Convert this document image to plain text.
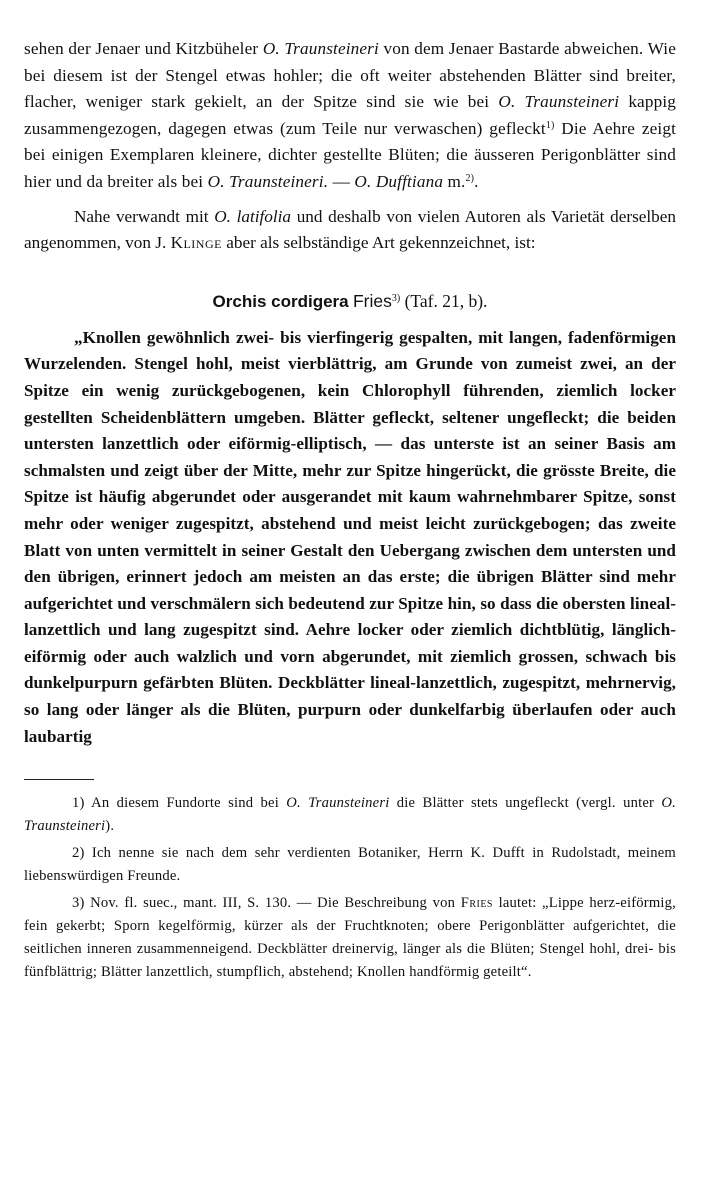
sehen der Jenaer und Kitzbüheler O. Traunsteineri von dem Jenaer Bastarde abweichen. Wie bei diesem ist der Stengel etwas hohler; die oft weiter abstehenden Blätter sind breiter, flacher, weniger stark gekielt, an der Spitze sind sie wie bei O. Traunsteineri kappig zusammengezogen, dagegen etwas (zum Teile nur verwaschen) gefleckt$^{1)}$ Die Aehre zeigt bei einigen Exemplaren kleinere, dichter gestellte Blüten; die äusseren Perigonblätter sind hier und da breiter als bei O. Traunsteineri. — O. Dufftiana m.$^{2)}$.

Nahe verwandt mit O. latifolia und deshalb von vielen Autoren als Varietät derselben angenommen, von J. Klinge aber als selbständige Art gekennzeichnet, ist:

Orchis cordigera Fries$^{3)}$ (Taf. 21, b).

„Knollen gewöhnlich zwei- bis vierfingerig gespalten, mit langen, fadenförmigen Wurzelenden. Stengel hohl, meist vierblättrig, am Grunde von zumeist zwei, an der Spitze ein wenig zurückgebogenen, kein Chlorophyll führenden, ziemlich locker gestellten Scheidenblättern umgeben. Blätter gefleckt, seltener ungefleckt; die beiden untersten lanzettlich oder eiförmig-elliptisch, — das unterste ist an seiner Basis am schmalsten und zeigt über der Mitte, mehr zur Spitze hingerückt, die grösste Breite, die Spitze ist häufig abgerundet oder ausgerandet mit kaum wahrnehmbarer Spitze, sonst mehr oder weniger zugespitzt, abstehend und meist leicht zurückgebogen; das zweite Blatt von unten vermittelt in seiner Gestalt den Uebergang zwischen dem untersten und den übrigen, erinnert jedoch am meisten an das erste; die übrigen Blätter sind mehr aufgerichtet und verschmälern sich bedeutend zur Spitze hin, so dass die obersten lineal-lanzettlich und lang zugespitzt sind. Aehre locker oder ziemlich dichtblütig, länglich-eiförmig oder auch walzlich und vorn abgerundet, mit ziemlich grossen, schwach bis dunkelpurpurn gefärbten Blüten. Deckblätter lineal-lanzettlich, zugespitzt, mehrnervig, so lang oder länger als die Blüten, purpurn oder dunkelfarbig überlaufen oder auch laubartig

1) An diesem Fundorte sind bei O. Traunsteineri die Blätter stets ungefleckt (vergl. unter O. Traunsteineri).

2) Ich nenne sie nach dem sehr verdienten Botaniker, Herrn K. Dufft in Rudolstadt, meinem liebenswürdigen Freunde.

3) Nov. fl. suec., mant. III, S. 130. — Die Beschreibung von Fries lautet: „Lippe herz-eiförmig, fein gekerbt; Sporn kegelförmig, kürzer als der Fruchtknoten; obere Perigonblätter aufgerichtet, die seitlichen inneren zusammenneigend. Deckblätter dreinervig, länger als die Blüten; Stengel hohl, drei- bis fünfblättrig; Blätter lanzettlich, stumpflich, abstehend; Knollen handförmig geteilt“.
